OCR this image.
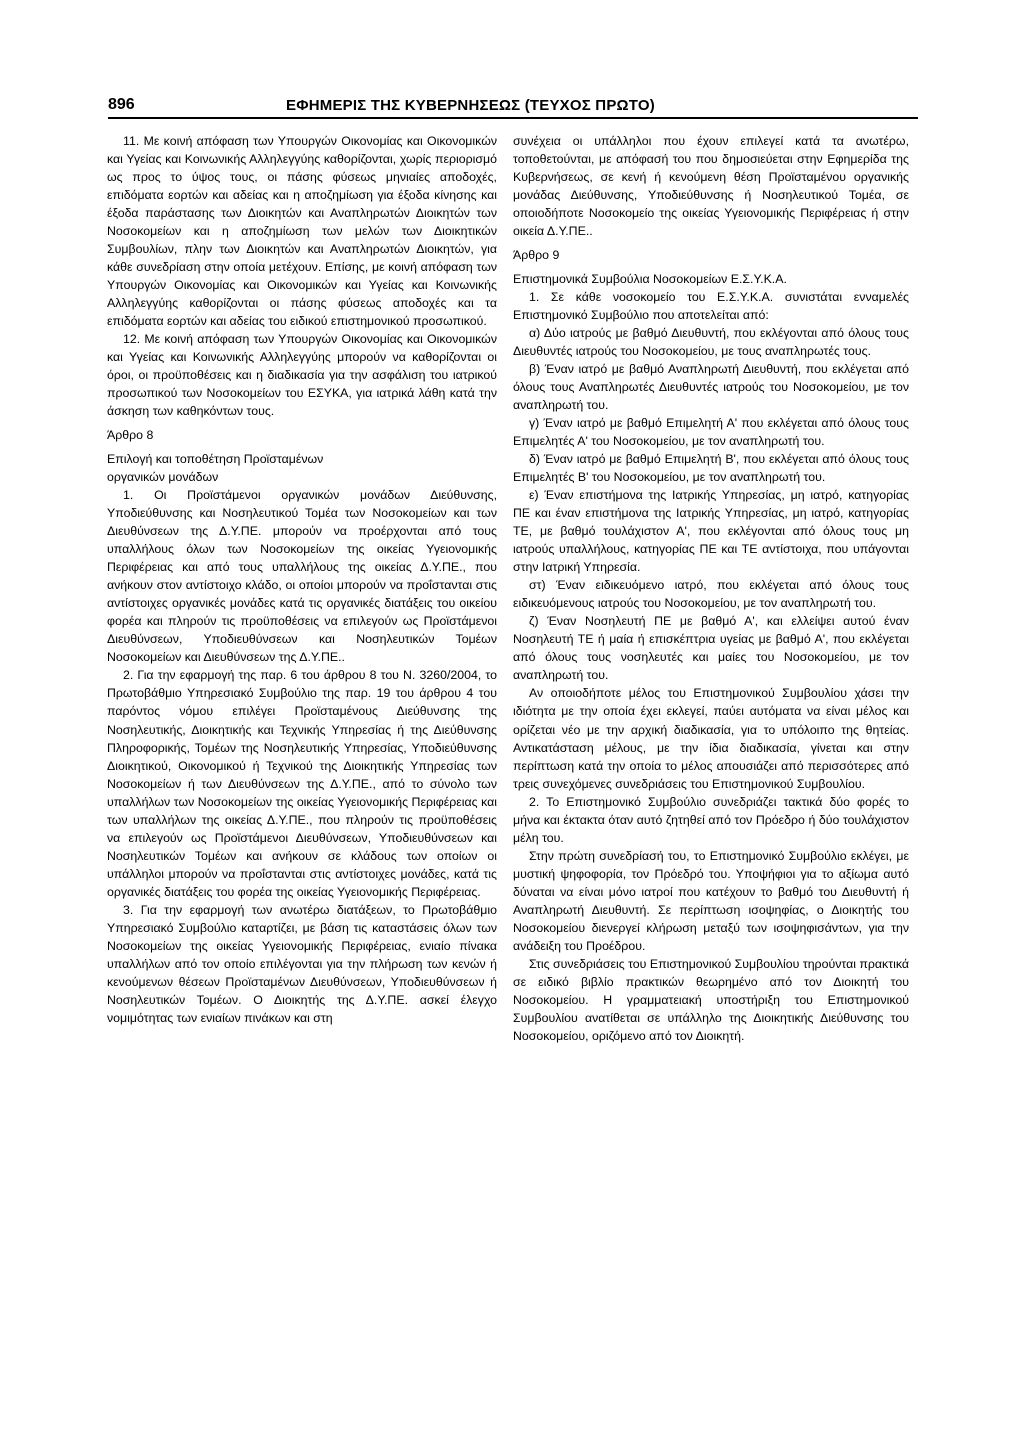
896	ΕΦΗΜΕΡΙΣ ΤΗΣ ΚΥΒΕΡΝΗΣΕΩΣ (ΤΕΥΧΟΣ ΠΡΩΤΟ)

11. Με κοινή απόφαση των Υπουργών Οικονομίας και Οικονομικών και Υγείας και Κοινωνικής Αλληλεγγύης καθορίζονται, χωρίς περιορισμό ως προς το ύψος τους, οι πάσης φύσεως μηνιαίες αποδοχές, επιδόματα εορτών και αδείας και η αποζημίωση για έξοδα κίνησης και έξοδα παράστασης των Διοικητών και Αναπληρωτών Διοικητών των Νοσοκομείων και η αποζημίωση των μελών των Διοικητικών Συμβουλίων, πλην των Διοικητών και Αναπληρωτών Διοικητών, για κάθε συνεδρίαση στην οποία μετέχουν. Επίσης, με κοινή απόφαση των Υπουργών Οικονομίας και Οικονομικών και Υγείας και Κοινωνικής Αλληλεγγύης καθορίζονται οι πάσης φύσεως αποδοχές και τα επιδόματα εορτών και αδείας του ειδικού επιστημονικού προσωπικού.

12. Με κοινή απόφαση των Υπουργών Οικονομίας και Οικονομικών και Υγείας και Κοινωνικής Αλληλεγγύης μπορούν να καθορίζονται οι όροι, οι προϋποθέσεις και η διαδικασία για την ασφάλιση του ιατρικού προσωπικού των Νοσοκομείων του ΕΣΥΚΑ, για ιατρικά λάθη κατά την άσκηση των καθηκόντων τους.

Άρθρο 8

Επιλογή και τοποθέτηση Προϊσταμένων

οργανικών μονάδων

1. Οι Προϊστάμενοι οργανικών μονάδων Διεύθυνσης, Υποδιεύθυνσης και Νοσηλευτικού Τομέα των Νοσοκομείων και των Διευθύνσεων της Δ.Υ.ΠΕ. μπορούν να προέρχονται από τους υπαλλήλους όλων των Νοσοκομείων της οικείας Υγειονομικής Περιφέρειας και από τους υπαλλήλους της οικείας Δ.Υ.ΠΕ., που ανήκουν στον αντίστοιχο κλάδο, οι οποίοι μπορούν να προΐστανται στις αντίστοιχες οργανικές μονάδες κατά τις οργανικές διατάξεις του οικείου φορέα και πληρούν τις προϋποθέσεις να επιλεγούν ως Προϊστάμενοι Διευθύνσεων, Υποδιευθύνσεων και Νοσηλευτικών Τομέων Νοσοκομείων και Διευθύνσεων της Δ.Υ.ΠΕ..

2. Για την εφαρμογή της παρ. 6 του άρθρου 8 του Ν. 3260/2004, το Πρωτοβάθμιο Υπηρεσιακό Συμβούλιο της παρ. 19 του άρθρου 4 του παρόντος νόμου επιλέγει Προϊσταμένους Διεύθυνσης της Νοσηλευτικής, Διοικητικής και Τεχνικής Υπηρεσίας ή της Διεύθυνσης Πληροφορικής, Τομέων της Νοσηλευτικής Υπηρεσίας, Υποδιεύθυνσης Διοικητικού, Οικονομικού ή Τεχνικού της Διοικητικής Υπηρεσίας των Νοσοκομείων ή των Διευθύνσεων της Δ.Υ.ΠΕ., από το σύνολο των υπαλλήλων των Νοσοκομείων της οικείας Υγειονομικής Περιφέρειας και των υπαλλήλων της οικείας Δ.Υ.ΠΕ., που πληρούν τις προϋποθέσεις να επιλεγούν ως Προϊστάμενοι Διευθύνσεων, Υποδιευθύνσεων και Νοσηλευτικών Τομέων και ανήκουν σε κλάδους των οποίων οι υπάλληλοι μπορούν να προΐστανται στις αντίστοιχες μονάδες, κατά τις οργανικές διατάξεις του φορέα της οικείας Υγειονομικής Περιφέρειας.

3. Για την εφαρμογή των ανωτέρω διατάξεων, το Πρωτοβάθμιο Υπηρεσιακό Συμβούλιο καταρτίζει, με βάση τις καταστάσεις όλων των Νοσοκομείων της οικείας Υγειονομικής Περιφέρειας, ενιαίο πίνακα υπαλλήλων από τον οποίο επιλέγονται για την πλήρωση των κενών ή κενούμενων θέσεων Προϊσταμένων Διευθύνσεων, Υποδιευθύνσεων ή Νοσηλευτικών Τομέων. Ο Διοικητής της Δ.Υ.ΠΕ. ασκεί έλεγχο νομιμότητας των ενιαίων πινάκων και στη

συνέχεια οι υπάλληλοι που έχουν επιλεγεί κατά τα ανωτέρω, τοποθετούνται, με απόφασή του που δημοσιεύεται στην Εφημερίδα της Κυβερνήσεως, σε κενή ή κενούμενη θέση Προϊσταμένου οργανικής μονάδας Διεύθυνσης, Υποδιεύθυνσης ή Νοσηλευτικού Τομέα, σε οποιοδήποτε Νοσοκομείο της οικείας Υγειονομικής Περιφέρειας ή στην οικεία Δ.Υ.ΠΕ..

Άρθρο 9

Επιστημονικά Συμβούλια Νοσοκομείων Ε.Σ.Υ.Κ.Α.

1. Σε κάθε νοσοκομείο του Ε.Σ.Υ.Κ.Α. συνιστάται ενναμελές Επιστημονικό Συμβούλιο που αποτελείται από:

α) Δύο ιατρούς με βαθμό Διευθυντή, που εκλέγονται από όλους τους Διευθυντές ιατρούς του Νοσοκομείου, με τους αναπληρωτές τους.

β) Έναν ιατρό με βαθμό Αναπληρωτή Διευθυντή, που εκλέγεται από όλους τους Αναπληρωτές Διευθυντές ιατρούς του Νοσοκομείου, με τον αναπληρωτή του.

γ) Έναν ιατρό με βαθμό Επιμελητή Α' που εκλέγεται από όλους τους Επιμελητές Α' του Νοσοκομείου, με τον αναπληρωτή του.

δ) Έναν ιατρό με βαθμό Επιμελητή Β', που εκλέγεται από όλους τους Επιμελητές Β' του Νοσοκομείου, με τον αναπληρωτή του.

ε) Έναν επιστήμονα της Ιατρικής Υπηρεσίας, μη ιατρό, κατηγορίας ΠΕ και έναν επιστήμονα της Ιατρικής Υπηρεσίας, μη ιατρό, κατηγορίας ΤΕ, με βαθμό τουλάχιστον Α', που εκλέγονται από όλους τους μη ιατρούς υπαλλήλους, κατηγορίας ΠΕ και ΤΕ αντίστοιχα, που υπάγονται στην Ιατρική Υπηρεσία.

στ) Έναν ειδικευόμενο ιατρό, που εκλέγεται από όλους τους ειδικευόμενους ιατρούς του Νοσοκομείου, με τον αναπληρωτή του.

ζ) Έναν Νοσηλευτή ΠΕ με βαθμό Α', και ελλείψει αυτού έναν Νοσηλευτή ΤΕ ή μαία ή επισκέπτρια υγείας με βαθμό Α', που εκλέγεται από όλους τους νοσηλευτές και μαίες του Νοσοκομείου, με τον αναπληρωτή του.

Αν οποιοδήποτε μέλος του Επιστημονικού Συμβουλίου χάσει την ιδιότητα με την οποία έχει εκλεγεί, παύει αυτόματα να είναι μέλος και ορίζεται νέο με την αρχική διαδικασία, για το υπόλοιπο της θητείας. Αντικατάσταση μέλους, με την ίδια διαδικασία, γίνεται και στην περίπτωση κατά την οποία το μέλος απουσιάζει από περισσότερες από τρεις συνεχόμενες συνεδριάσεις του Επιστημονικού Συμβουλίου.

2. Το Επιστημονικό Συμβούλιο συνεδριάζει τακτικά δύο φορές το μήνα και έκτακτα όταν αυτό ζητηθεί από τον Πρόεδρο ή δύο τουλάχιστον μέλη του.

Στην πρώτη συνεδρίασή του, το Επιστημονικό Συμβούλιο εκλέγει, με μυστική ψηφοφορία, τον Πρόεδρό του. Υποψήφιοι για το αξίωμα αυτό δύναται να είναι μόνο ιατροί που κατέχουν το βαθμό του Διευθυντή ή Αναπληρωτή Διευθυντή. Σε περίπτωση ισοψηφίας, ο Διοικητής του Νοσοκομείου διενεργεί κλήρωση μεταξύ των ισοψηφισάντων, για την ανάδειξη του Προέδρου.

Στις συνεδριάσεις του Επιστημονικού Συμβουλίου τηρούνται πρακτικά σε ειδικό βιβλίο πρακτικών θεωρημένο από τον Διοικητή του Νοσοκομείου. Η γραμματειακή υποστήριξη του Επιστημονικού Συμβουλίου ανατίθεται σε υπάλληλο της Διοικητικής Διεύθυνσης του Νοσοκομείου, οριζόμενο από τον Διοικητή.
